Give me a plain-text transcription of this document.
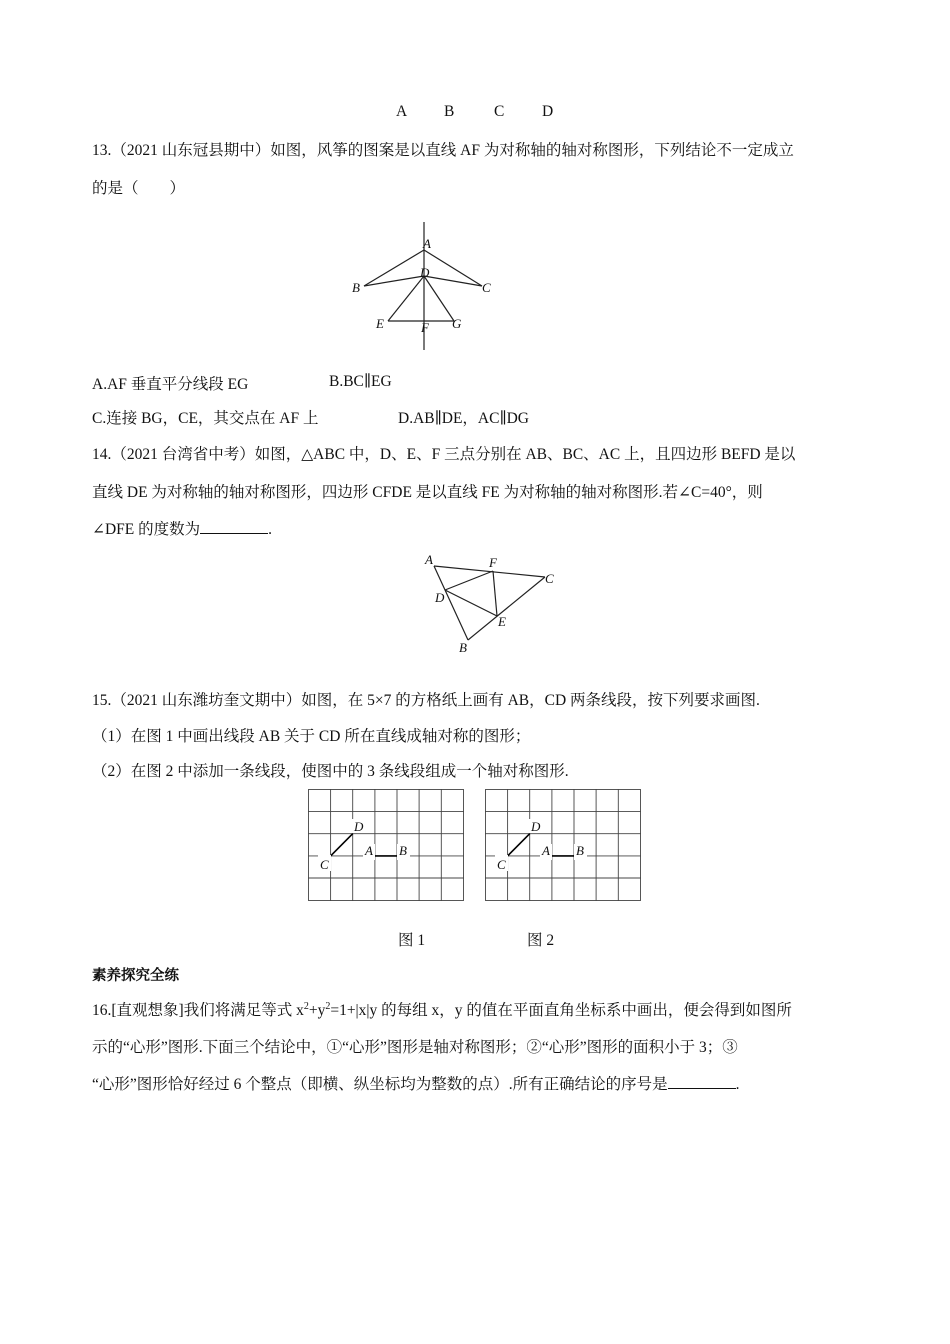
A B	C D
13.（2021 山东冠县期中）如图，风筝的图案是以直线 AF 为对称轴的轴对称图形，下列结论不一定成立
的是（　　）
A
B	C
D
E	F G
A.AF 垂直平分线段 EG	B.BC∥EG
C.连接 BG，CE，其交点在 AF 上	D.AB∥DE，AC∥DG
14.（2021 台湾省中考）如图，△ABC 中，D、E、F 三点分别在 AB、BC、AC 上，且四边形 BEFD 是以
直线 DE 为对称轴的轴对称图形，四边形 CFDE 是以直线 FE 为对称轴的轴对称图形.若∠C=40°，则
∠DFE 的度数为	.
A
B
C
D
E
F
15.（2021 山东潍坊奎文期中）如图，在 5×7 的方格纸上画有 AB，CD 两条线段，按下列要求画图.
（1）在图 1 中画出线段 AB 关于 CD 所在直线成轴对称的图形；
（2）在图 2 中添加一条线段，使图中的 3 条线段组成一个轴对称图形.
D
C
A B
D
C
A B
图 1	图 2
素养探究全练
16.[直观想象]我们将满足等式 $x^2+y^2=1+|x|y$ 的每组 x，y 的值在平面直角坐标系中画出，便会得到如图所
示的“心形”图形.下面三个结论中，①“心形”图形是轴对称图形；②“心形”图形的面积小于 3；③
“心形”图形恰好经过 6 个整点（即横、纵坐标均为整数的点）.所有正确结论的序号是	.
